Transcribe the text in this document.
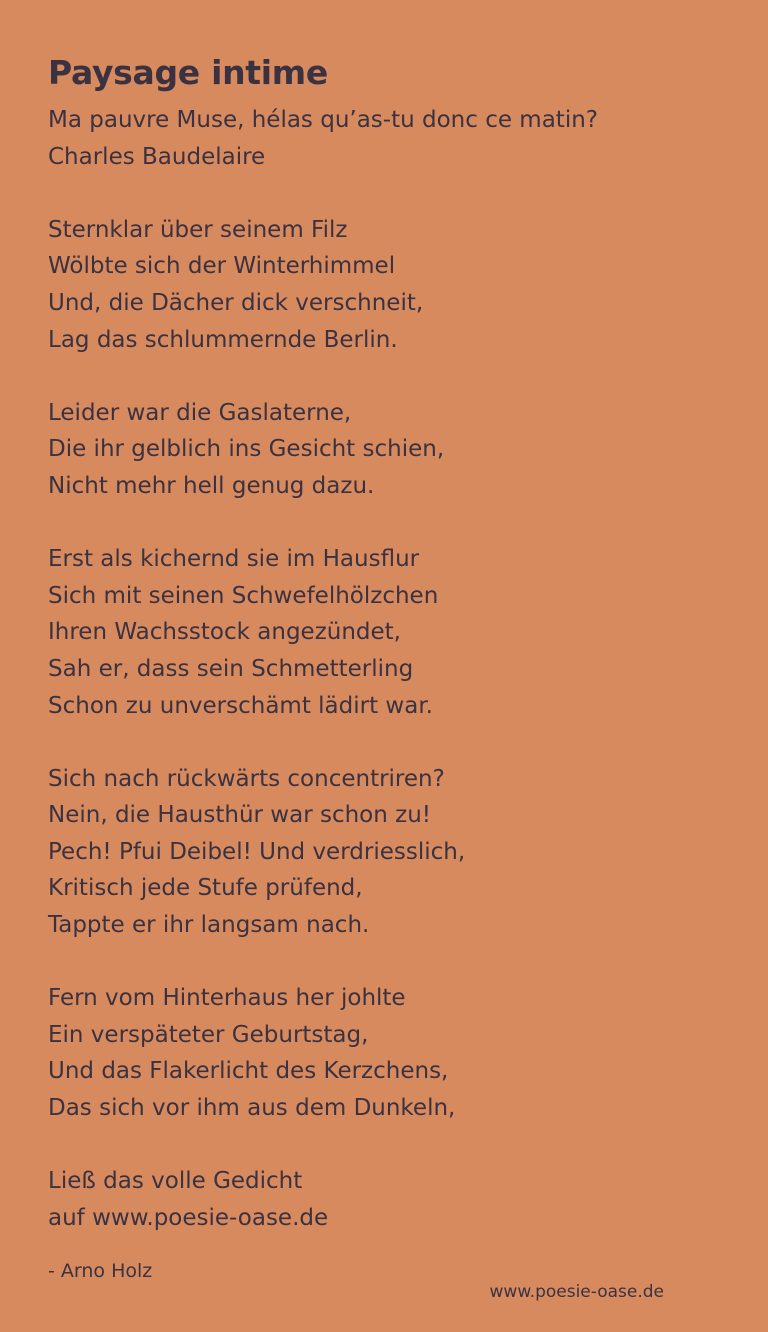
Paysage intime
Ma pauvre Muse, hélas qu’as-tu donc ce matin?
Charles Baudelaire
Sternklar über seinem Filz
Wölbte sich der Winterhimmel
Und, die Dächer dick verschneit,
Lag das schlummernde Berlin.
Leider war die Gaslaterne,
Die ihr gelblich ins Gesicht schien,
Nicht mehr hell genug dazu.
Erst als kichernd sie im Hausflur
Sich mit seinen Schwefelhölzchen
Ihren Wachsstock angezündet,
Sah er, dass sein Schmetterling
Schon zu unverschämt lädirt war.
Sich nach rückwärts concentriren?
Nein, die Hausthür war schon zu!
Pech! Pfui Deibel! Und verdriesslich,
Kritisch jede Stufe prüfend,
Tappte er ihr langsam nach.
Fern vom Hinterhaus her johlte
Ein verspäteter Geburtstag,
Und das Flakerlicht des Kerzchens,
Das sich vor ihm aus dem Dunkeln,
Ließ das volle Gedicht
auf www.poesie-oase.de
- Arno Holz
www.poesie-oase.de
